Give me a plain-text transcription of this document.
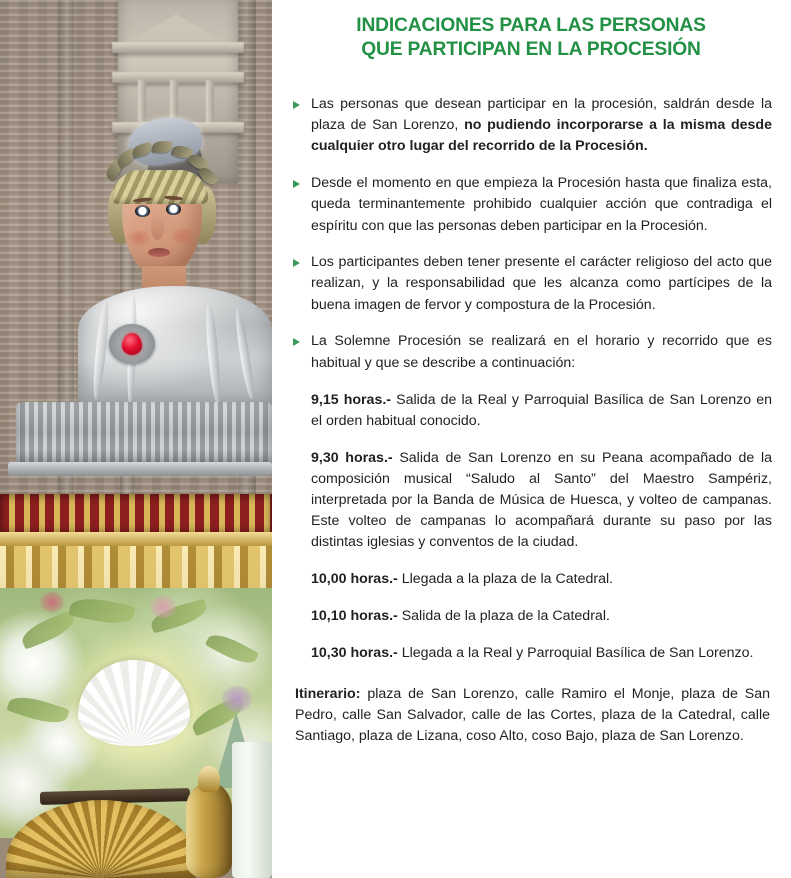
INDICACIONES PARA LAS PERSONAS
QUE PARTICIPAN EN LA PROCESIÓN

Las personas que desean participar en la procesión, saldrán desde la plaza de San Lorenzo, no pudiendo incorporarse a la misma desde cualquier otro lugar del recorrido de la Procesión.

Desde el momento en que empieza la Procesión hasta que finaliza esta, queda terminantemente prohibido cualquier acción que contradiga el espíritu con que las personas deben participar en la Procesión.

Los participantes deben tener presente el carácter religioso del acto que realizan, y la responsabilidad que les alcanza como partícipes de la buena imagen de fervor y compostura de la Procesión.

La Solemne Procesión se realizará en el horario y recorrido que es habitual y que se describe a continuación:

9,15 horas.- Salida de la Real y Parroquial Basílica de San Lorenzo en el orden habitual conocido.

9,30 horas.- Salida de San Lorenzo en su Peana acompañado de la composición musical “Saludo al Santo” del Maestro Sampériz, interpretada por la Banda de Música de Huesca, y volteo de campanas. Este volteo de campanas lo acompañará durante su paso por las distintas iglesias y conventos de la ciudad.

10,00 horas.- Llegada a la plaza de la Catedral.

10,10 horas.- Salida de la plaza de la Catedral.

10,30 horas.- Llegada a la Real y Parroquial Basílica de San Lorenzo.

Itinerario: plaza de San Lorenzo, calle Ramiro el Monje, plaza de San Pedro, calle San Salvador, calle de las Cortes, plaza de la Catedral, calle Santiago, plaza de Lizana, coso Alto, coso Bajo, plaza de San Lorenzo.
